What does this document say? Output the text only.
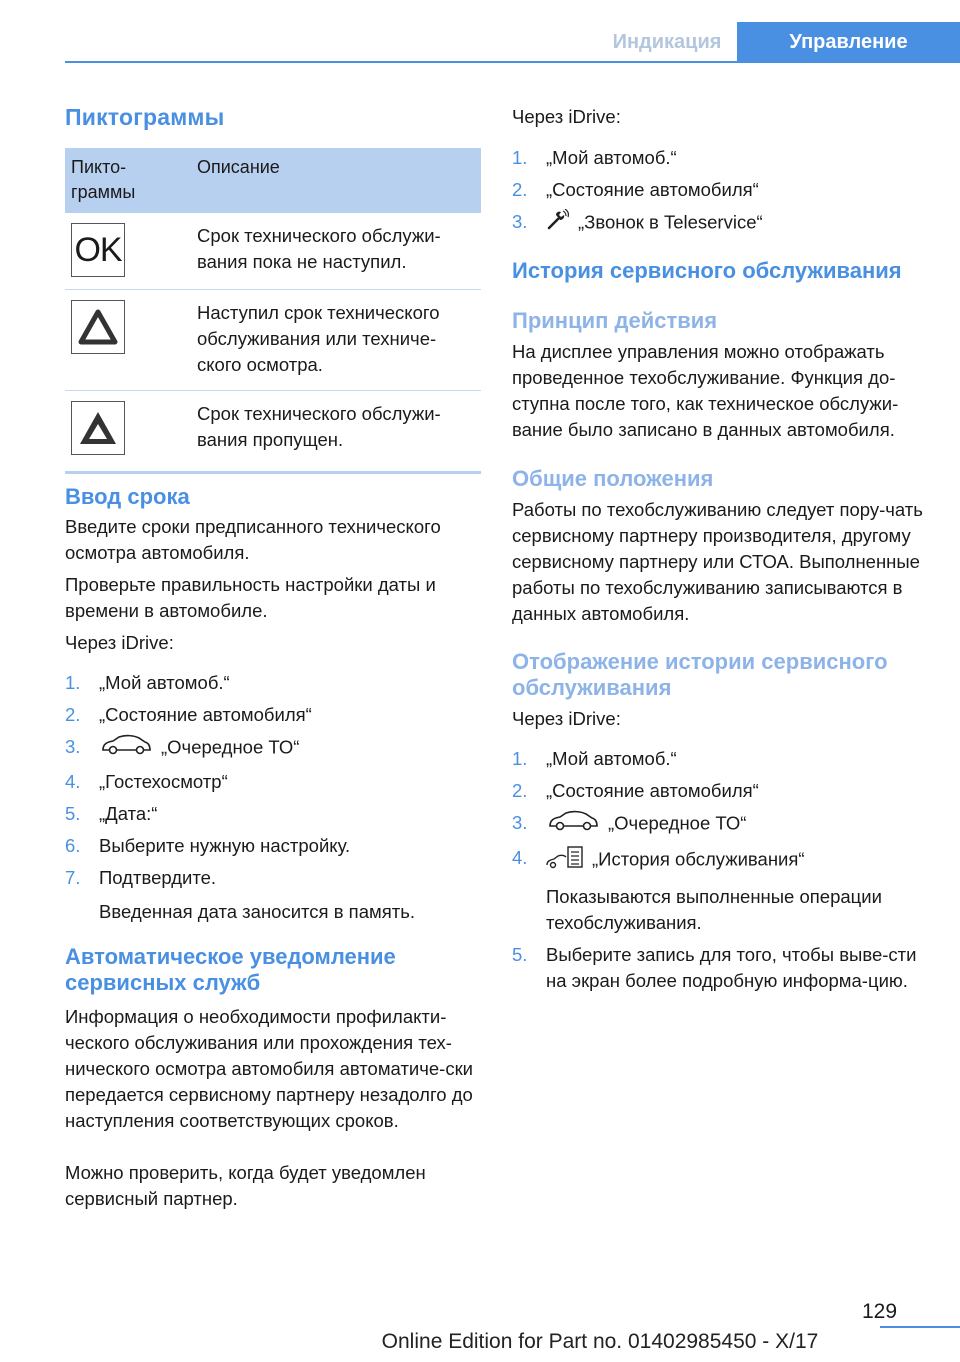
Индикация	Управление
Пиктограммы
Пикто-
граммы	Описание

OK	Срок технического обслужи-вания пока не наступил.

	Наступил срок технического обслуживания или техниче-ского осмотра.

	Срок технического обслужи-вания пропущен.
Ввод срока

Введите сроки предписанного технического осмотра автомобиля.

Проверьте правильность настройки даты и времени в автомобиле.

Через iDrive:

1. „Мой автомоб.“
2. „Состояние автомобиля“
3.	„Очередное ТО“
4. „Гостехосмотр“
5. „Дата:“
6. Выберите нужную настройку.
7. Подтвердите.
Введенная дата заносится в память.
Автоматическое уведомление сервисных служб

Информация о необходимости профилакти-ческого обслуживания или прохождения тех-нического осмотра автомобиля автоматиче-ски передается сервисному партнеру незадолго до наступления соответствующих сроков.

Можно проверить, когда будет уведомлен сервисный партнер.

Через iDrive:

1. „Мой автомоб.“
2. „Состояние автомобиля“
3.	„Звонок в Teleservice“
История сервисного обслуживания
Принцип действия

На дисплее управления можно отображать проведенное техобслуживание. Функция до-ступна после того, как техническое обслужи-вание было записано в данных автомобиля.

Общие положения

Работы по техобслуживанию следует пору-чать сервисному партнеру производителя, другому сервисному партнеру или СТОА. Выполненные работы по техобслуживанию записываются в данных автомобиля.

Отображение истории сервисного обслуживания

Через iDrive:

1. „Мой автомоб.“
2. „Состояние автомобиля“
3.	„Очередное ТО“
4.	„История обслуживания“
Показываются выполненные операции техобслуживания.
5. Выберите запись для того, чтобы выве-сти на экран более подробную информа-цию.
129
Online Edition for Part no. 01402985450 - X/17
